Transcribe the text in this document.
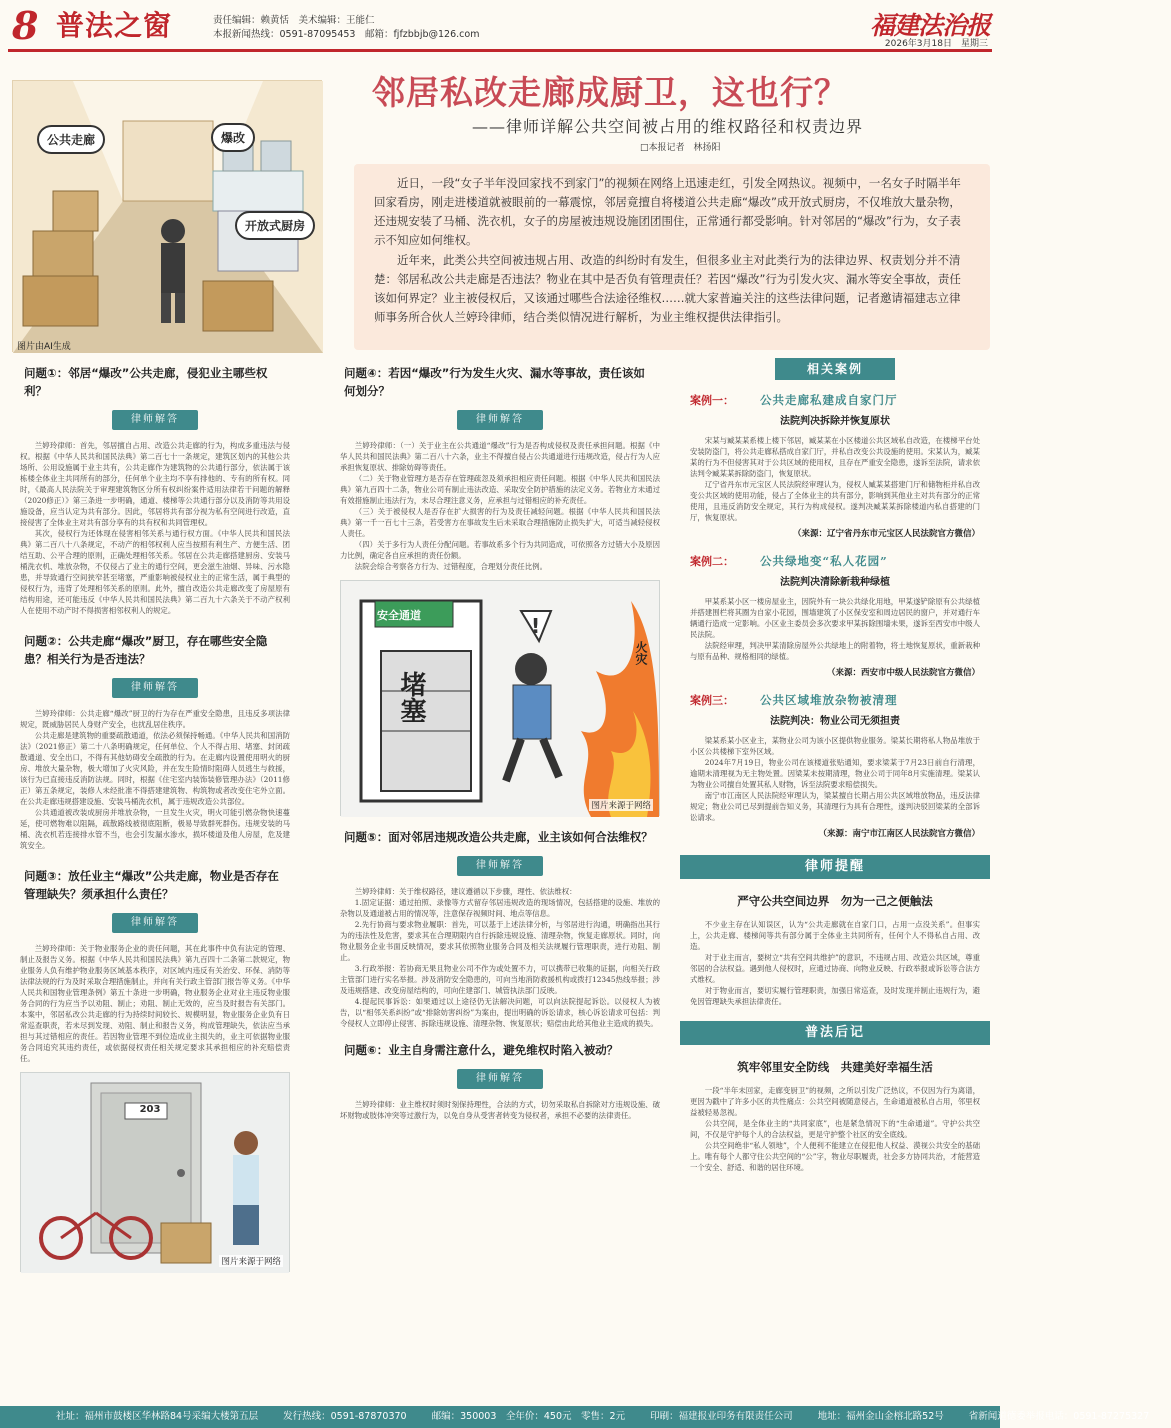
8 普法之窗	责任编辑：赖黄恬　美术编辑：王能仁
本报新闻热线：0591-87095453　邮箱：fjfzbbjb@126.com	福建法治报
2026年3月18日　星期三
公共走廊	爆改
开放式厨房
图片由AI生成
邻居私改走廊成厨卫，这也行？
——律师详解公共空间被占用的维权路径和权责边界
□本报记者　林扬阳

近日，一段“女子半年没回家找不到家门”的视频在网络上迅速走红，引发全网热议。视频中，一名女子时隔半年回家看房，刚走进楼道就被眼前的一幕震惊，邻居竟擅自将楼道公共走廊“爆改”成开放式厨房，不仅堆放大量杂物，还违规安装了马桶、洗衣机，女子的房屋被违规设施团团围住，正常通行都受影响。针对邻居的“爆改”行为，女子表示不知应如何维权。

近年来，此类公共空间被违规占用、改造的纠纷时有发生，但很多业主对此类行为的法律边界、权责划分并不清楚：邻居私改公共走廊是否违法？物业在其中是否负有管理责任？若因“爆改”行为引发火灾、漏水等安全事故，责任该如何界定？业主被侵权后，又该通过哪些合法途径维权……就大家普遍关注的这些法律问题，记者邀请福建志立律师事务所合伙人兰婷玲律师，结合类似情况进行解析，为业主维权提供法律指引。

问题①：邻居“爆改”公共走廊，侵犯业主哪些权利？
律师解答

兰婷玲律师：首先，邻居擅自占用、改造公共走廊的行为，构成多重违法与侵权。根据《中华人民共和国民法典》第二百七十一条规定，建筑区划内的其他公共场所、公用设施属于业主共有，公共走廊作为建筑物的公共通行部分，依法属于该栋楼全体业主共同所有的部分，任何单个业主均不享有排他的、专有的所有权。同时，《最高人民法院关于审理建筑物区分所有权纠纷案件适用法律若干问题的解释（2020修正）》第三条进一步明确，通道、楼梯等公共通行部分以及消防等共用设施设备，应当认定为共有部分。因此，邻居将共有部分视为私有空间进行改造，直接侵害了全体业主对共有部分享有的共有权和共同管理权。

其次，侵权行为还体现在侵害相邻关系与通行权方面。《中华人民共和国民法典》第二百八十八条规定，不动产的相邻权利人应当按照有利生产、方便生活、团结互助、公平合理的原则，正确处理相邻关系。邻居在公共走廊搭建厨房、安装马桶洗衣机、堆放杂物，不仅侵占了业主的通行空间，更会滋生油烟、异味、污水隐患，并导致通行空间狭窄甚至堵塞，严重影响被侵权业主的正常生活，属于典型的侵权行为，违背了处理相邻关系的原则。此外，擅自改造公共走廊改变了房屋原有结构用途，还可能违反《中华人民共和国民法典》第二百九十六条关于不动产权利人在使用不动产时不得损害相邻权利人的规定。

问题②：公共走廊“爆改”厨卫，存在哪些安全隐患？相关行为是否违法？
律师解答

兰婷玲律师：公共走廊“爆改”厨卫的行为存在严重安全隐患，且违反多项法律规定，既威胁居民人身财产安全，也扰乱居住秩序。

公共走廊是建筑物的重要疏散通道，依法必须保持畅通。《中华人民共和国消防法》（2021修正）第二十八条明确规定，任何单位、个人不得占用、堵塞、封闭疏散通道、安全出口，不得有其他妨碍安全疏散的行为。在走廊内设置使用明火的厨房、堆放大量杂物，极大增加了火灾风险，并在发生险情时阻碍人员逃生与救援，该行为已直接违反消防法规。同时，根据《住宅室内装饰装修管理办法》（2011修正）第五条规定，装修人未经批准不得搭建建筑物、构筑物或者改变住宅外立面。在公共走廊违规搭建设施、安装马桶洗衣机，属于违规改造公共部位。

公共通道被改装成厨房并堆放杂物，一旦发生火灾，明火可能引燃杂物快速蔓延，使可燃物难以阻隔，疏散路线被彻底阻断，极易导致群死群伤。违规安装的马桶、洗衣机若连接排水管不当，也会引发漏水渗水，损坏楼道及他人房屋，危及建筑安全。

问题③：放任业主“爆改”公共走廊，物业是否存在管理缺失？须承担什么责任？
律师解答

兰婷玲律师：关于物业服务企业的责任问题，其在此事件中负有法定的管理、制止及报告义务。根据《中华人民共和国民法典》第九百四十二条第二款规定，物业服务人负有维护物业服务区域基本秩序，对区域内违反有关治安、环保、消防等法律法规的行为及时采取合理措施制止，并向有关行政主管部门报告等义务。《中华人民共和国物业管理条例》第五十条进一步明确，物业服务企业对业主违反物业服务合同的行为应当予以劝阻、制止；劝阻、制止无效的，应当及时报告有关部门。本案中，邻居私改公共走廊的行为持续时间较长、规模明显，物业服务企业负有日常巡查职责，若未尽到发现、劝阻、制止和报告义务，构成管理缺失，依法应当承担与其过错相应的责任。若因物业管理不到位造成业主损失的，业主可依据物业服务合同追究其违约责任，或依据侵权责任相关规定要求其承担相应的补充赔偿责任。

203
图片来源于网络
问题④：若因“爆改”行为发生火灾、漏水等事故，责任该如何划分？
律师解答

兰婷玲律师：（一）关于业主在公共通道“爆改”行为是否构成侵权及责任承担问题。根据《中华人民共和国民法典》第二百八十六条，业主不得擅自侵占公共通道进行违规改造，侵占行为人应承担恢复原状、排除妨碍等责任。

（二）关于物业管理方是否存在管理疏忽及须承担相应责任问题。根据《中华人民共和国民法典》第九百四十二条，物业公司有制止违法改造、采取安全防护措施的法定义务。若物业方未通过有效措施制止违法行为，未尽合理注意义务，应承担与过错相应的补充责任。

（三）关于被侵权人是否存在扩大损害的行为及责任减轻问题。根据《中华人民共和国民法典》第一千一百七十三条，若受害方在事故发生后未采取合理措施防止损失扩大，可适当减轻侵权人责任。

（四）关于多行为人责任分配问题。若事故系多个行为共同造成，可依照各方过错大小及原因力比例，确定各自应承担的责任份额。

法院会综合考察各方行为、过错程度，合理划分责任比例。

!
安全通道
堵塞
火灾
图片来源于网络
问题⑤：面对邻居违规改造公共走廊，业主该如何合法维权？
律师解答

兰婷玲律师：关于维权路径，建议遵循以下步骤，理性、依法维权：

1.固定证据：通过拍照、录像等方式留存邻居违规改造的现场情况，包括搭建的设施、堆放的杂物以及通道被占用的情况等，注意保存视频时间、地点等信息。

2.先行协商与要求物业履职：首先，可以基于上述法律分析，与邻居进行沟通，明确指出其行为的违法性及危害，要求其在合理期限内自行拆除违规设施、清理杂物，恢复走廊原状。同时，向物业服务企业书面反映情况，要求其依照物业服务合同及相关法规履行管理职责，进行劝阻、制止。

3.行政举报：若协商无果且物业公司不作为或处置不力，可以携带已收集的证据，向相关行政主管部门进行实名举报。涉及消防安全隐患的，可向当地消防救援机构或拨打12345热线举报；涉及违规搭建、改变房屋结构的，可向住建部门、城管执法部门反映。

4.提起民事诉讼：如果通过以上途径仍无法解决问题，可以向法院提起诉讼。以侵权人为被告，以“相邻关系纠纷”或“排除妨害纠纷”为案由，提出明确的诉讼请求，核心诉讼请求可包括：判令侵权人立即停止侵害、拆除违规设施、清理杂物、恢复原状；赔偿由此给其他业主造成的损失。

问题⑥：业主自身需注意什么，避免维权时陷入被动？
律师解答

兰婷玲律师：业主维权时须时刻保持理性，合法的方式，切勿采取私自拆除对方违规设施、破坏财物或肢体冲突等过激行为，以免自身从受害者转变为侵权者，承担不必要的法律责任。

相关案例
案例一：	公共走廊私建成自家门厅
法院判决拆除并恢复原状

宋某与臧某某系楼上楼下邻居，臧某某在小区楼道公共区域私自改造，在楼梯平台处安装防盗门，将公共走廊私搭成自家门厅，并私自改变公共设施的使用。宋某认为，臧某某的行为不但侵害其对于公共区域的使用权，且存在严重安全隐患，遂诉至法院，请求依法判令臧某某拆除防盗门，恢复原状。

辽宁省丹东市元宝区人民法院经审理认为，侵权人臧某某搭建门厅和储物柜并私自改变公共区域的使用功能，侵占了全体业主的共有部分，影响到其他业主对共有部分的正常使用，且违反消防安全规定，其行为构成侵权。遂判决臧某某拆除楼道内私自搭建的门厅，恢复原状。

（来源：辽宁省丹东市元宝区人民法院官方微信）
案例二：	公共绿地变“私人花园”
法院判决清除新栽种绿植

甲某系某小区一楼房屋业主，因院外有一块公共绿化用地，甲某遂铲除原有公共绿植并搭建围栏将其圈为自家小花园，围墙建筑了小区保安室和周边居民的窗户，并对通行车辆通行造成一定影响。小区业主委员会多次要求甲某拆除围墙未果，遂诉至西安市中级人民法院。

法院经审理，判决甲某清除房屋外公共绿地上的附着物，将土地恢复原状，重新栽种与原有品种、规格相同的绿植。

（来源：西安市中级人民法院官方微信）
案例三：	公共区域堆放杂物被清理
法院判决：物业公司无须担责

梁某系某小区业主，某物业公司为该小区提供物业服务。梁某长期将私人物品堆放于小区公共楼梯下室外区域。

2024年7月19日，物业公司在该楼道张贴通知，要求梁某于7月23日前自行清理，逾期未清理视为无主物处置。因梁某未按期清理，物业公司于同年8月实施清理。梁某认为物业公司擅自处置其私人财物，诉至法院要求赔偿损失。

南宁市江南区人民法院经审理认为，梁某擅自长期占用公共区域堆放物品，违反法律规定；物业公司已尽到提前告知义务，其清理行为具有合理性，遂判决驳回梁某的全部诉讼请求。

（来源：南宁市江南区人民法院官方微信）
律师提醒
严守公共空间边界　勿为一己之便触法

不少业主存在认知误区，认为“公共走廊就在自家门口，占用一点没关系”。但事实上，公共走廊、楼梯间等共有部分属于全体业主共同所有，任何个人不得私自占用、改造。

对于业主而言，要树立“共有空间共维护”的意识，不违规占用、改造公共区域，尊重邻居的合法权益。遇到他人侵权时，应通过协商、向物业反映、行政举报或诉讼等合法方式维权。

对于物业而言，要切实履行管理职责，加强日常巡查，及时发现并制止违规行为，避免因管理缺失承担法律责任。

普法后记
筑牢邻里安全防线　共建美好幸福生活

一段“半年未回家，走廊变厨卫”的视频，之所以引发广泛热议，不仅因为行为离谱，更因为戳中了许多小区的共性痛点：公共空间被随意侵占，生命通道被私自占用，邻里权益被轻易忽视。

公共空间，是全体业主的“共同家底”，也是紧急情况下的“生命通道”。守护公共空间，不仅是守护每个人的合法权益，更是守护整个社区的安全底线。

公共空间绝非“私人领地”，个人便利不能建立在侵犯他人权益、漠视公共安全的基础上。唯有每个人都守住公共空间的“公”字，物业尽职履责，社会多方协同共治，才能营造一个安全、舒适、和谐的居住环境。

社址：福州市鼓楼区华林路84号采编大楼第五层	发行热线：0591-87870370	邮编：350003　全年价：450元　零售：2元	印刷：福建报业印务有限责任公司	地址：福州金山金榕北路52号	省新闻道德委举报电话：0591-87275327
